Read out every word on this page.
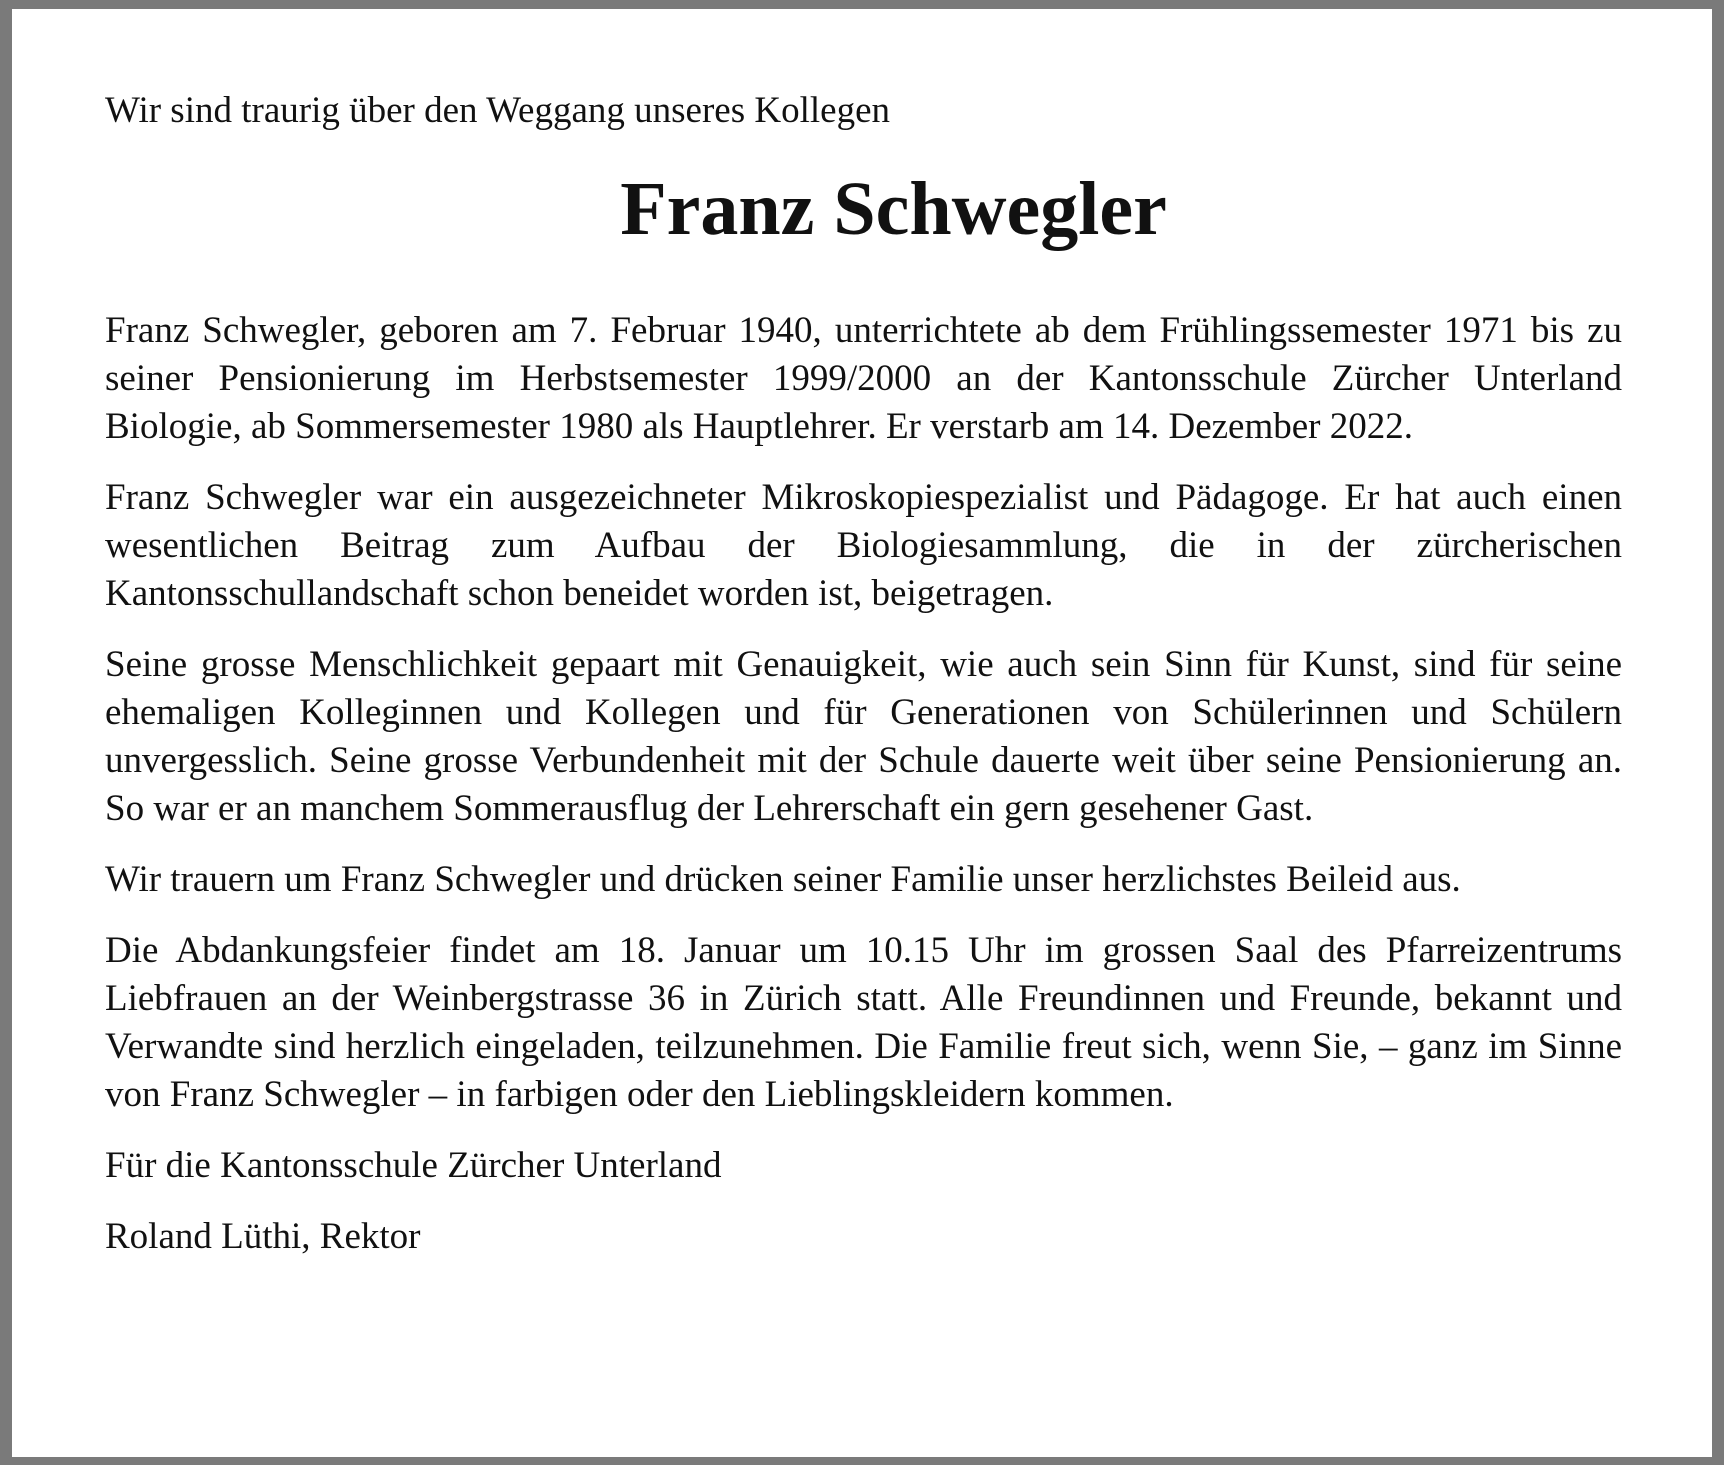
Wir sind traurig über den Weggang unseres Kollegen

Franz Schwegler

Franz Schwegler, geboren am 7. Februar 1940, unterrichtete ab dem Frühlingssemester 1971 bis zu seiner Pensionierung im Herbstsemester 1999/2000 an der Kantonsschule Zürcher Unterland Biologie, ab Sommersemester 1980 als Hauptlehrer. Er verstarb am 14. Dezember 2022.

Franz Schwegler war ein ausgezeichneter Mikroskopiespezialist und Pädagoge. Er hat auch einen wesentlichen Beitrag zum Aufbau der Biologiesammlung, die in der zürcherischen Kantonsschullandschaft schon beneidet worden ist, beigetragen.

Seine grosse Menschlichkeit gepaart mit Genauigkeit, wie auch sein Sinn für Kunst, sind für seine ehemaligen Kolleginnen und Kollegen und für Generationen von Schülerinnen und Schülern unvergesslich. Seine grosse Verbundenheit mit der Schule dauerte weit über seine Pensionierung an. So war er an manchem Sommerausflug der Lehrerschaft ein gern gesehener Gast.

Wir trauern um Franz Schwegler und drücken seiner Familie unser herzlichstes Beileid aus.

Die Abdankungsfeier findet am 18. Januar um 10.15 Uhr im grossen Saal des Pfarreizentrums Liebfrauen an der Weinbergstrasse 36 in Zürich statt. Alle Freundinnen und Freunde, bekannt und Verwandte sind herzlich eingeladen, teilzunehmen. Die Familie freut sich, wenn Sie, – ganz im Sinne von Franz Schwegler – in farbigen oder den Lieblingskleidern kommen.

Für die Kantonsschule Zürcher Unterland

Roland Lüthi, Rektor
